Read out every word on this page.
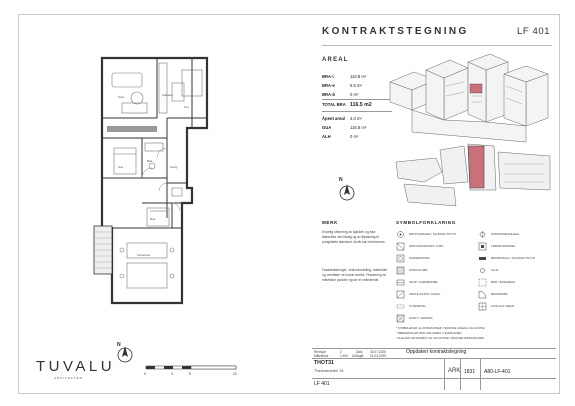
Stue	Kjøkken
Sov
Sov
Bad
Gang
Spisestue
Bod
N
0	3	5	10
TUVALU
ARKITEKTER
KONTRAKTSTEGNING	LF 401
AREAL
BRA-i	110.8 m²
BRA-e	5.6 m²
BRA-b	0 m²
TOTAL BRA 116.5 m2
Åpent areal 4.0 m²
GUA	116.8 m²
ALH	0 m²
N
MERK
Endelig utforming av kjøkken og bad fastsettes ved tilvalg og av tilpasning til prosjektets standard. Avvik kan forekomme.
Fasadeløsninger, vindusinndeling, materialer og overflater vil kunne avvike. Plassering av elektriske punkter og rør er veiledende.
SYMBOLFORKLARING
RØYKVARSLER / SLUKKEUTSTYR
OPPVASKMASKIN / KJØL
VASKEMASKIN
KONDUKTØR
SKAP / GARDEROBE
VENTILASJON / KANAL
UTSPARING
SJAKT / TEKNISK
SPRINKLERANLEGG
TØRKETROMMEL
BRANNVEGG / SLUKKEUTSTYR
SLUK
BOD / BODAREAL
BRANNDØR
FLISLAGT AREAL
* SYMBOLER ER ILLUSTRASJONER, TEKNISKE ANLEGG KAN AVVIKE
* MØBLERING ER IKKE INKLUDERT I LEVERANSEN
* ALLE MÅL ER ROMMÅL OG KAN AVVIKE I PROSJEKTERINGSFASEN
Revisjon	2	Dato 30.07.2025	Oppdatert kontraktstegning
Målestokk	1:100 A3 Utgitt 21.03.2025
THOT31
Thereseveien 31
LF 401
ARK 1831 A80-LF-401
